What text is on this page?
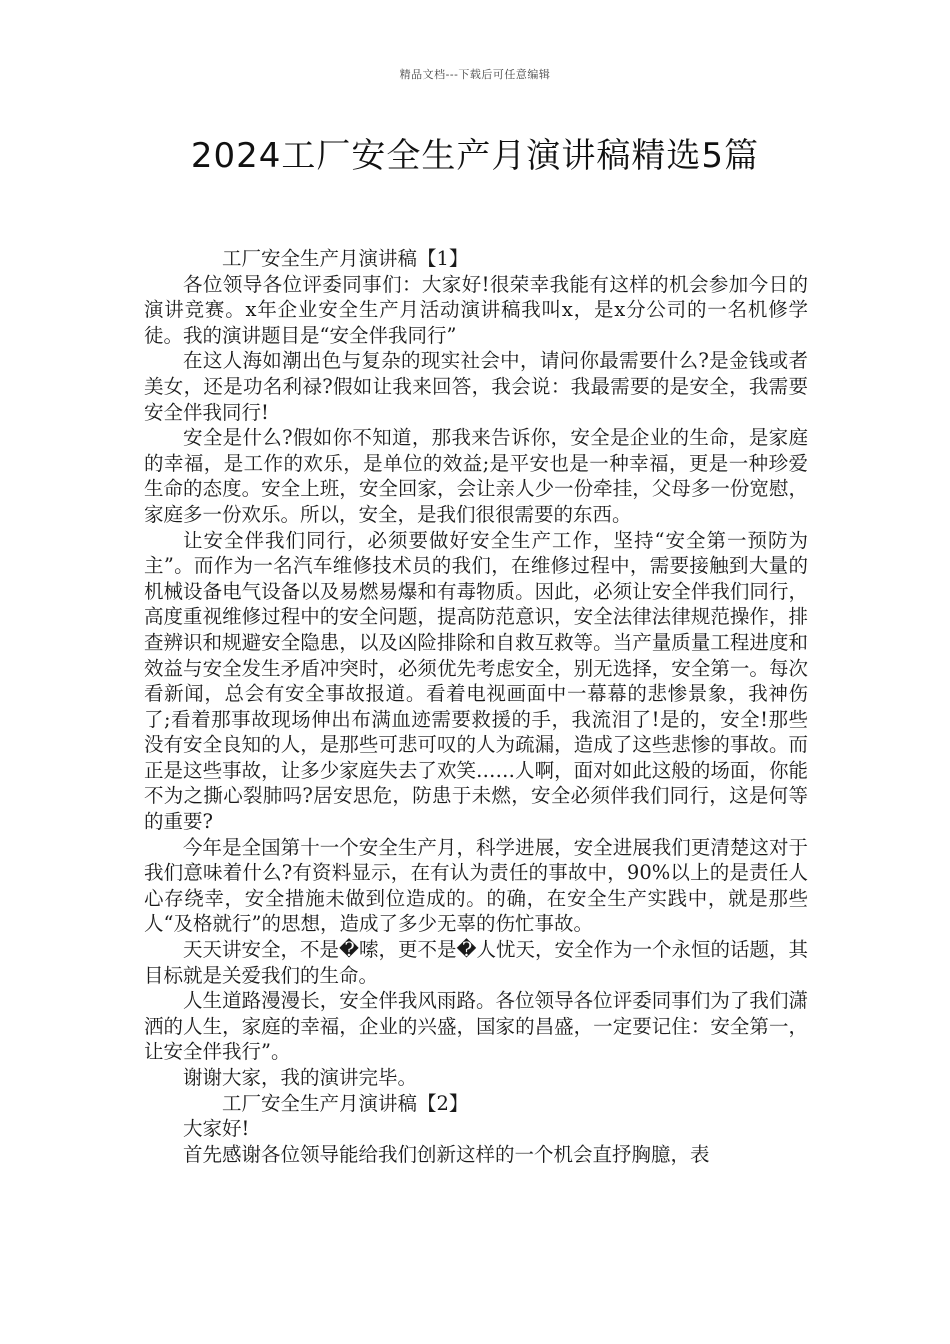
精品文档---下载后可任意编辑
2024工厂安全生产月演讲稿精选5篇

工厂安全生产月演讲稿【1】

各位领导各位评委同事们：大家好!很荣幸我能有这样的机会参加今日的演讲竞赛。x年企业安全生产月活动演讲稿我叫x，是x分公司的一名机修学徒。我的演讲题目是“安全伴我同行”

在这人海如潮出色与复杂的现实社会中，请问你最需要什么?是金钱或者美女，还是功名利禄?假如让我来回答，我会说：我最需要的是安全，我需要安全伴我同行!

安全是什么?假如你不知道，那我来告诉你，安全是企业的生命，是家庭的幸福，是工作的欢乐，是单位的效益;是平安也是一种幸福，更是一种珍爱生命的态度。安全上班，安全回家，会让亲人少一份牵挂，父母多一份宽慰，家庭多一份欢乐。所以，安全，是我们很很需要的东西。

让安全伴我们同行，必须要做好安全生产工作，坚持“安全第一预防为主”。而作为一名汽车维修技术员的我们，在维修过程中，需要接触到大量的机械设备电气设备以及易燃易爆和有毒物质。因此，必须让安全伴我们同行，高度重视维修过程中的安全问题，提高防范意识，安全法律法律规范操作，排查辨识和规避安全隐患，以及凶险排除和自救互救等。当产量质量工程进度和效益与安全发生矛盾冲突时，必须优先考虑安全，别无选择，安全第一。每次看新闻，总会有安全事故报道。看着电视画面中一幕幕的悲惨景象，我神伤了;看着那事故现场伸出布满血迹需要救援的手，我流泪了!是的，安全!那些没有安全良知的人，是那些可悲可叹的人为疏漏，造成了这些悲惨的事故。而正是这些事故，让多少家庭失去了欢笑……人啊，面对如此这般的场面，你能不为之撕心裂肺吗?居安思危，防患于未燃，安全必须伴我们同行，这是何等的重要?

今年是全国第十一个安全生产月，科学进展，安全进展我们更清楚这对于我们意味着什么?有资料显示，在有认为责任的事故中，90%以上的是责任人心存绕幸，安全措施未做到位造成的。的确，在安全生产实践中，就是那些人“及格就行”的思想，造成了多少无辜的伤忙事故。

天天讲安全，不是�嗦，更不是�人忧天，安全作为一个永恒的话题，其目标就是关爱我们的生命。

人生道路漫漫长，安全伴我风雨路。各位领导各位评委同事们为了我们潇洒的人生，家庭的幸福，企业的兴盛，国家的昌盛，一定要记住：安全第一，让安全伴我行”。

谢谢大家，我的演讲完毕。

工厂安全生产月演讲稿【2】

大家好!

首先感谢各位领导能给我们创新这样的一个机会直抒胸臆，表
